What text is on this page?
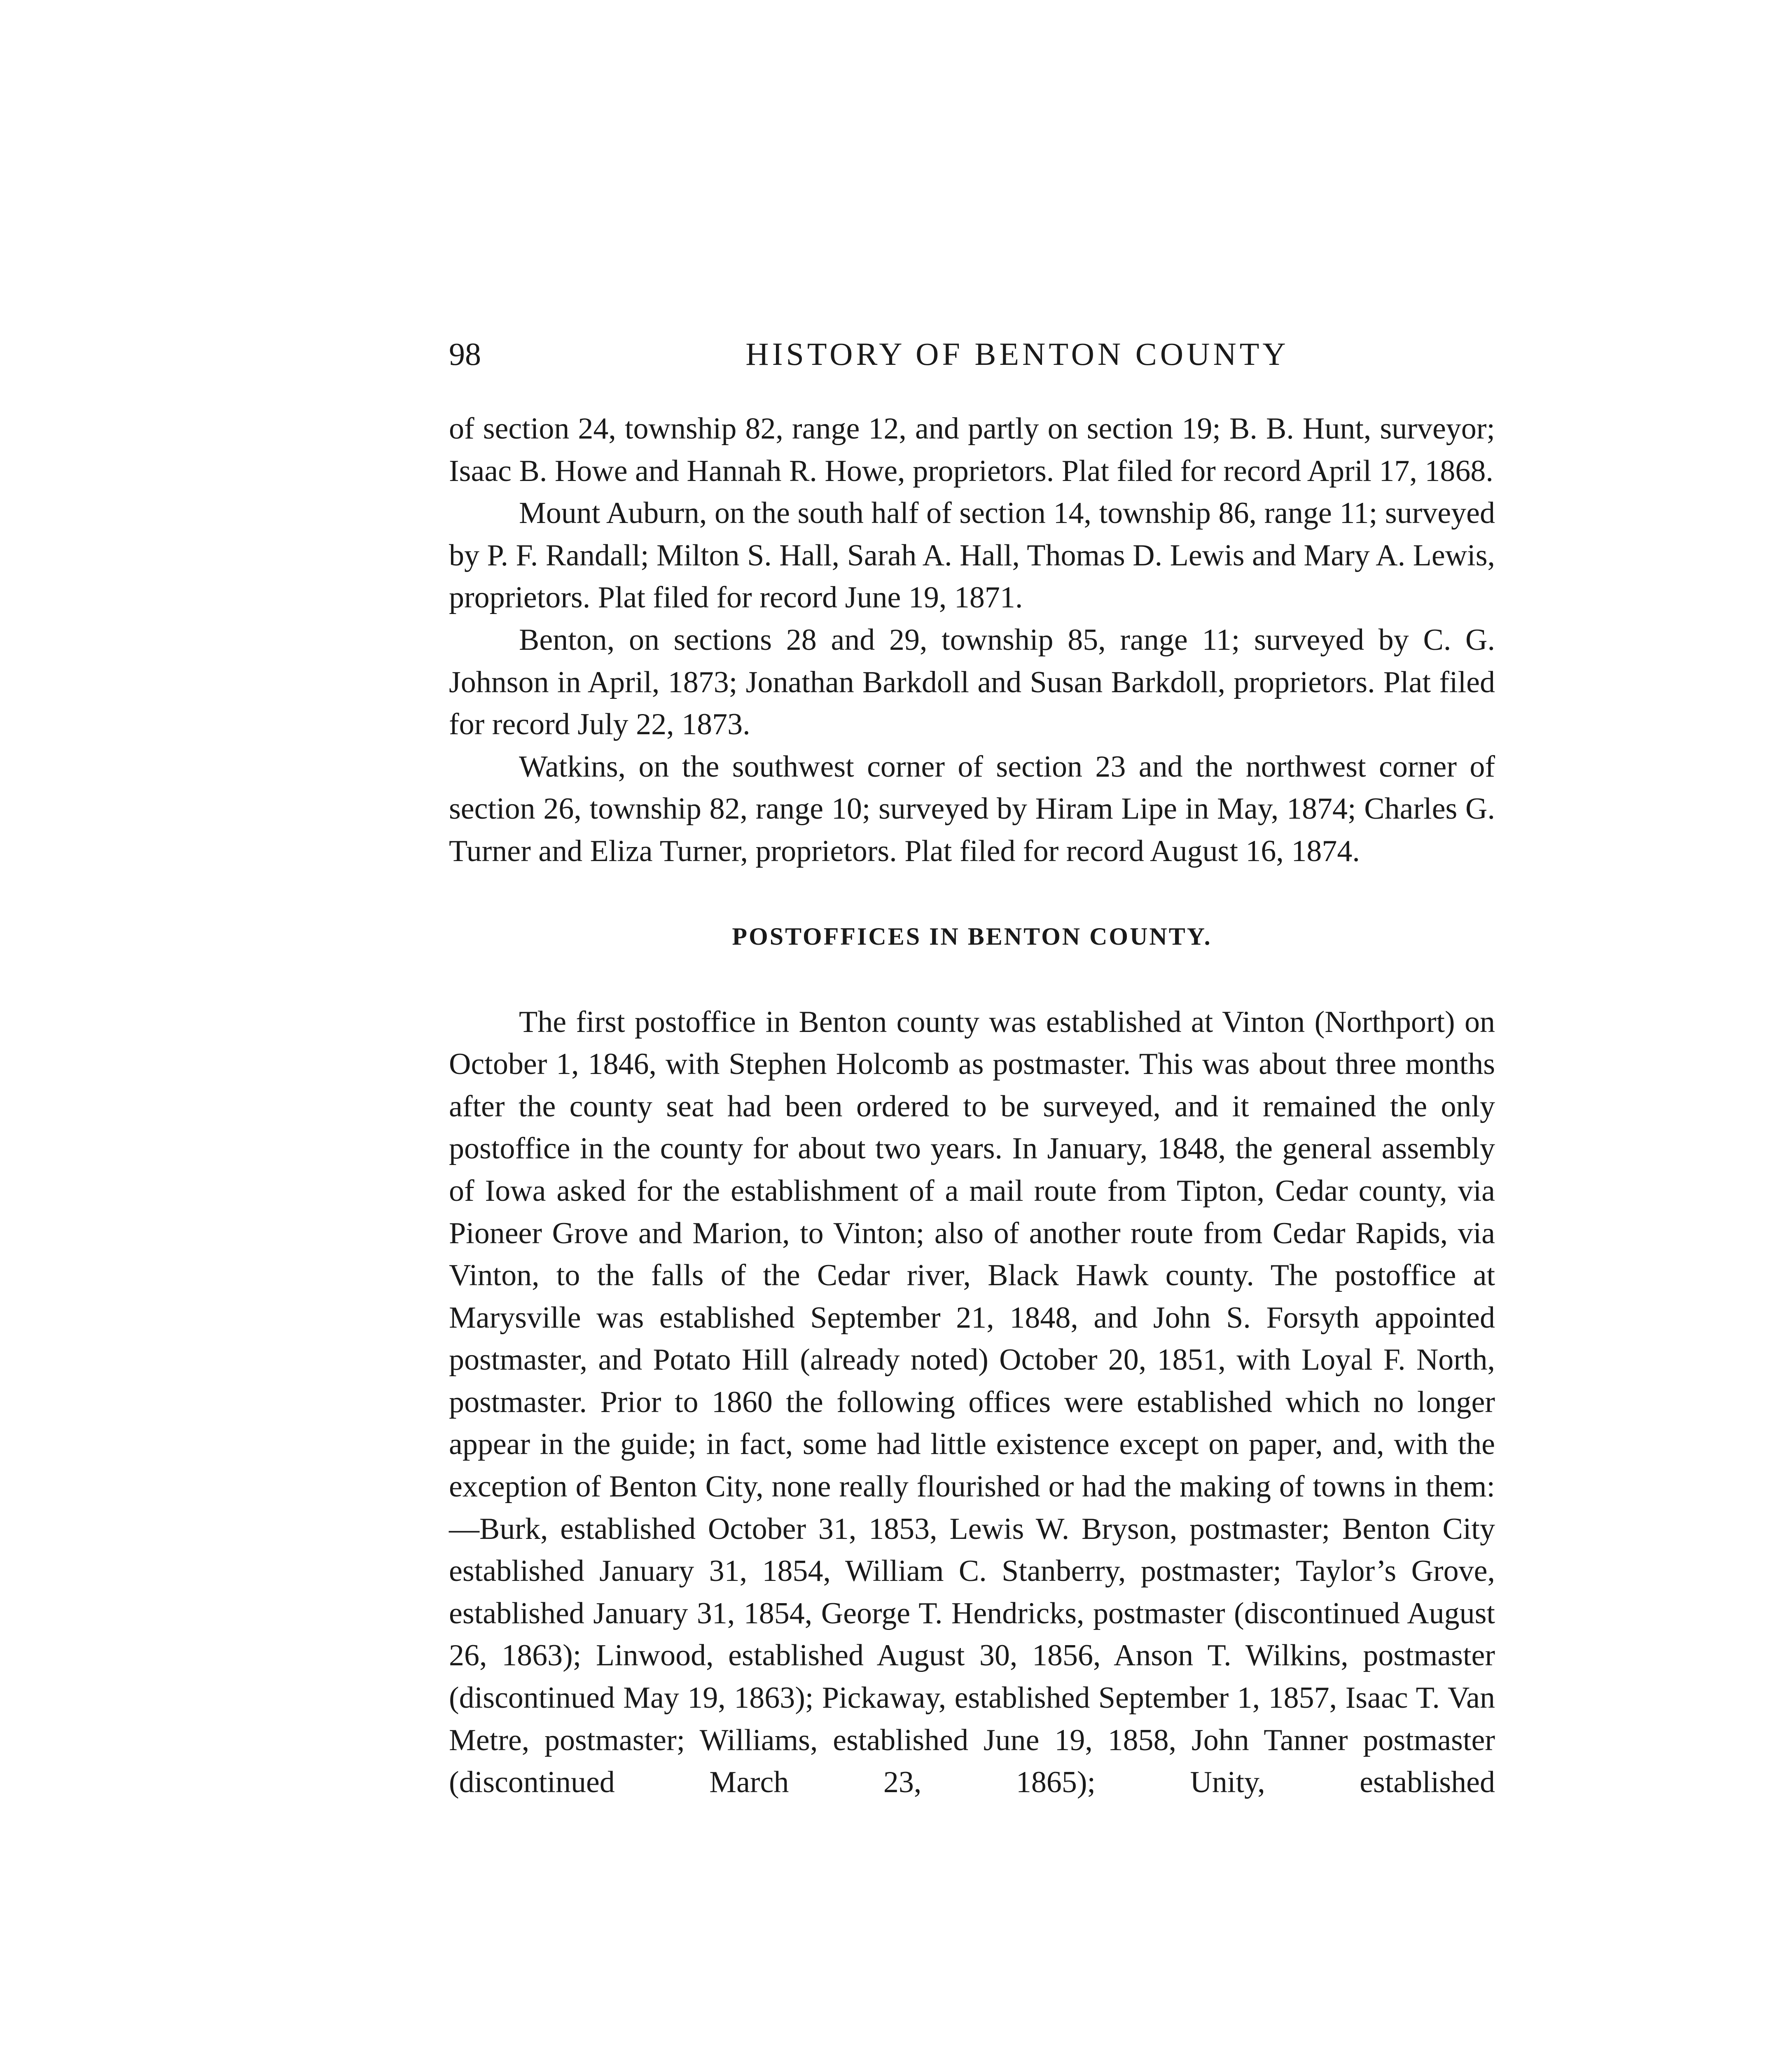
98	HISTORY OF BENTON COUNTY

of section 24, township 82, range 12, and partly on section 19; B. B. Hunt, surveyor; Isaac B. Howe and Hannah R. Howe, proprietors. Plat filed for record April 17, 1868.

Mount Auburn, on the south half of section 14, township 86, range 11; surveyed by P. F. Randall; Milton S. Hall, Sarah A. Hall, Thomas D. Lewis and Mary A. Lewis, proprietors. Plat filed for record June 19, 1871.

Benton, on sections 28 and 29, township 85, range 11; surveyed by C. G. Johnson in April, 1873; Jonathan Barkdoll and Susan Barkdoll, proprietors. Plat filed for record July 22, 1873.

Watkins, on the southwest corner of section 23 and the northwest corner of section 26, township 82, range 10; surveyed by Hiram Lipe in May, 1874; Charles G. Turner and Eliza Turner, proprietors. Plat filed for record August 16, 1874.

POSTOFFICES IN BENTON COUNTY.

The first postoffice in Benton county was established at Vinton (Northport) on October 1, 1846, with Stephen Holcomb as postmaster. This was about three months after the county seat had been ordered to be surveyed, and it remained the only postoffice in the county for about two years. In January, 1848, the general assembly of Iowa asked for the establishment of a mail route from Tipton, Cedar county, via Pioneer Grove and Marion, to Vinton; also of another route from Cedar Rapids, via Vinton, to the falls of the Cedar river, Black Hawk county. The postoffice at Marysville was established September 21, 1848, and John S. Forsyth appointed postmaster, and Potato Hill (already noted) October 20, 1851, with Loyal F. North, postmaster. Prior to 1860 the following offices were established which no longer appear in the guide; in fact, some had little existence except on paper, and, with the exception of Benton City, none really flourished or had the making of towns in them:—Burk, established October 31, 1853, Lewis W. Bryson, postmaster; Benton City established January 31, 1854, William C. Stanberry, postmaster; Taylor’s Grove, established January 31, 1854, George T. Hendricks, postmaster (discontinued August 26, 1863); Linwood, established August 30, 1856, Anson T. Wilkins, postmaster (discontinued May 19, 1863); Pickaway, established September 1, 1857, Isaac T. Van Metre, postmaster; Williams, established June 19, 1858, John Tanner postmaster (discontinued March 23, 1865); Unity, established
